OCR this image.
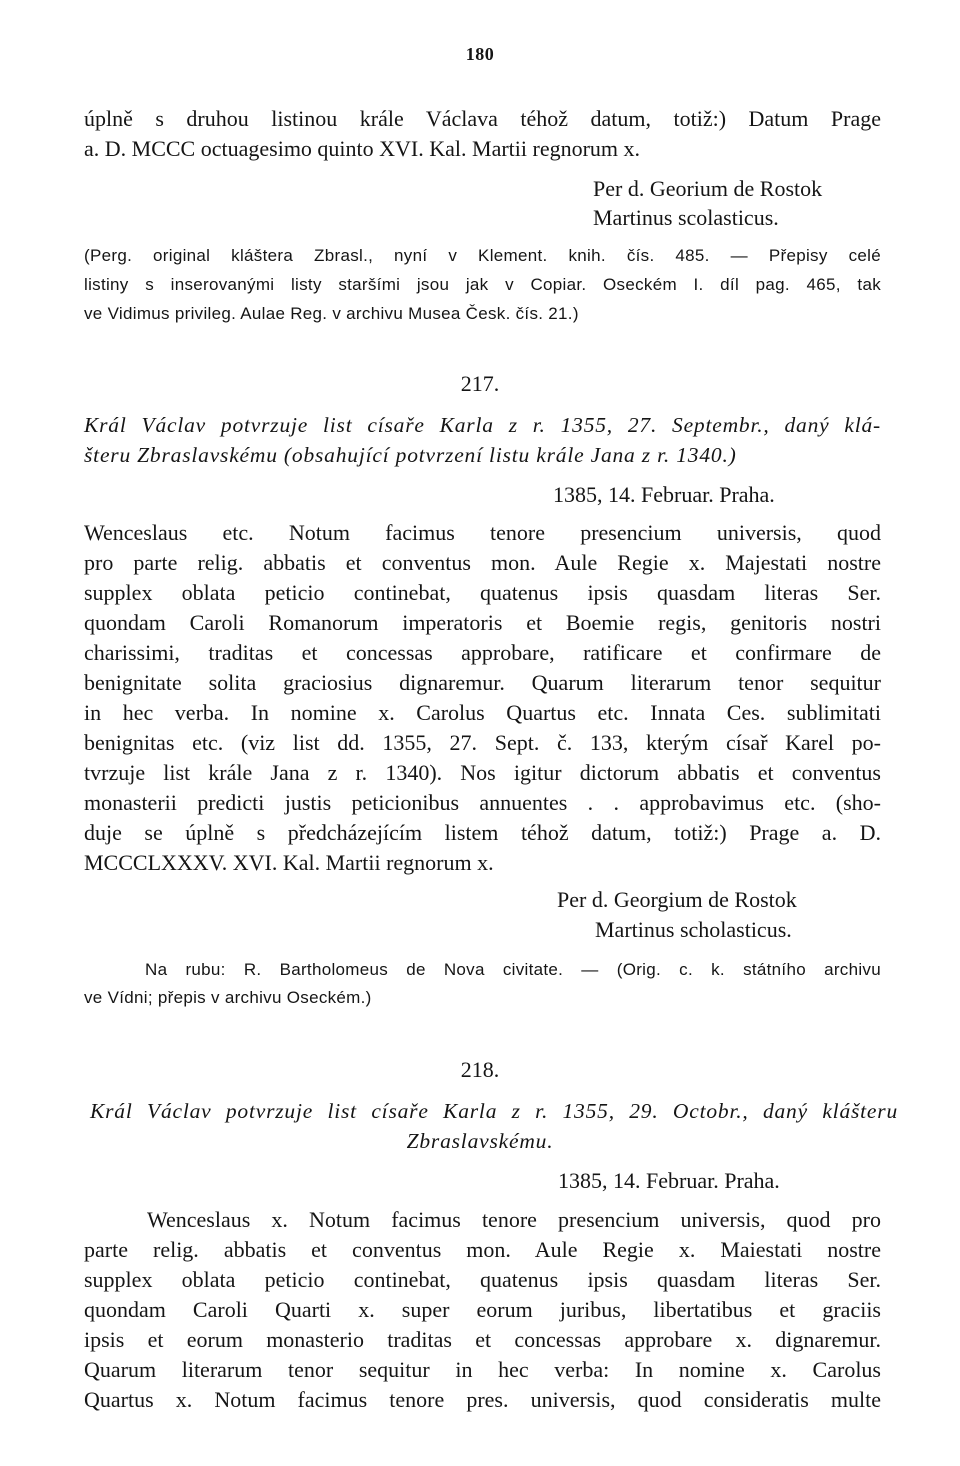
180
úplně s druhou listinou krále Václava téhož datum, totiž:) Datum Prage
a. D. MCCC octuagesimo quinto XVI. Kal. Martii regnorum x.
Per d. Georium de Rostok
Martinus scolasticus.
(Perg. original kláštera Zbrasl., nyní v Klement. knih. čís. 485. — Přepisy celé
listiny s inserovanými listy staršími jsou jak v Copiar. Oseckém I. díl pag. 465, tak
ve Vidimus privileg. Aulae Reg. v archivu Musea Česk. čís. 21.)
217.
Král Václav potvrzuje list císaře Karla z r. 1355, 27. Septembr., daný klá-
šteru Zbraslavskému (obsahující potvrzení listu krále Jana z r. 1340.)
1385, 14. Februar. Praha.
Wenceslaus etc. Notum facimus tenore presencium universis, quod
pro parte relig. abbatis et conventus mon. Aule Regie x. Majestati nostre
supplex oblata peticio continebat, quatenus ipsis quasdam literas Ser.
quondam Caroli Romanorum imperatoris et Boemie regis, genitoris nostri
charissimi, traditas et concessas approbare, ratificare et confirmare de
benignitate solita graciosius dignaremur. Quarum literarum tenor sequitur
in hec verba. In nomine x. Carolus Quartus etc. Innata Ces. sublimitati
benignitas etc. (viz list dd. 1355, 27. Sept. č. 133, kterým císař Karel po-
tvrzuje list krále Jana z r. 1340). Nos igitur dictorum abbatis et conventus
monasterii predicti justis peticionibus annuentes . . approbavimus etc. (sho-
duje se úplně s předcházejícím listem téhož datum, totiž:) Prage a. D.
MCCCLXXXV. XVI. Kal. Martii regnorum x.
Per d. Georgium de Rostok
Martinus scholasticus.
Na rubu: R. Bartholomeus de Nova civitate. — (Orig. c. k. státního archivu
ve Vídni; přepis v archivu Oseckém.)
218.
Král Václav potvrzuje list císaře Karla z r. 1355, 29. Octobr., daný klášteru
Zbraslavskému.
1385, 14. Februar. Praha.
Wenceslaus x. Notum facimus tenore presencium universis, quod pro
parte relig. abbatis et conventus mon. Aule Regie x. Maiestati nostre
supplex oblata peticio continebat, quatenus ipsis quasdam literas Ser.
quondam Caroli Quarti x. super eorum juribus, libertatibus et graciis
ipsis et eorum monasterio traditas et concessas approbare x. dignaremur.
Quarum literarum tenor sequitur in hec verba: In nomine x. Carolus
Quartus x. Notum facimus tenore pres. universis, quod consideratis multe
